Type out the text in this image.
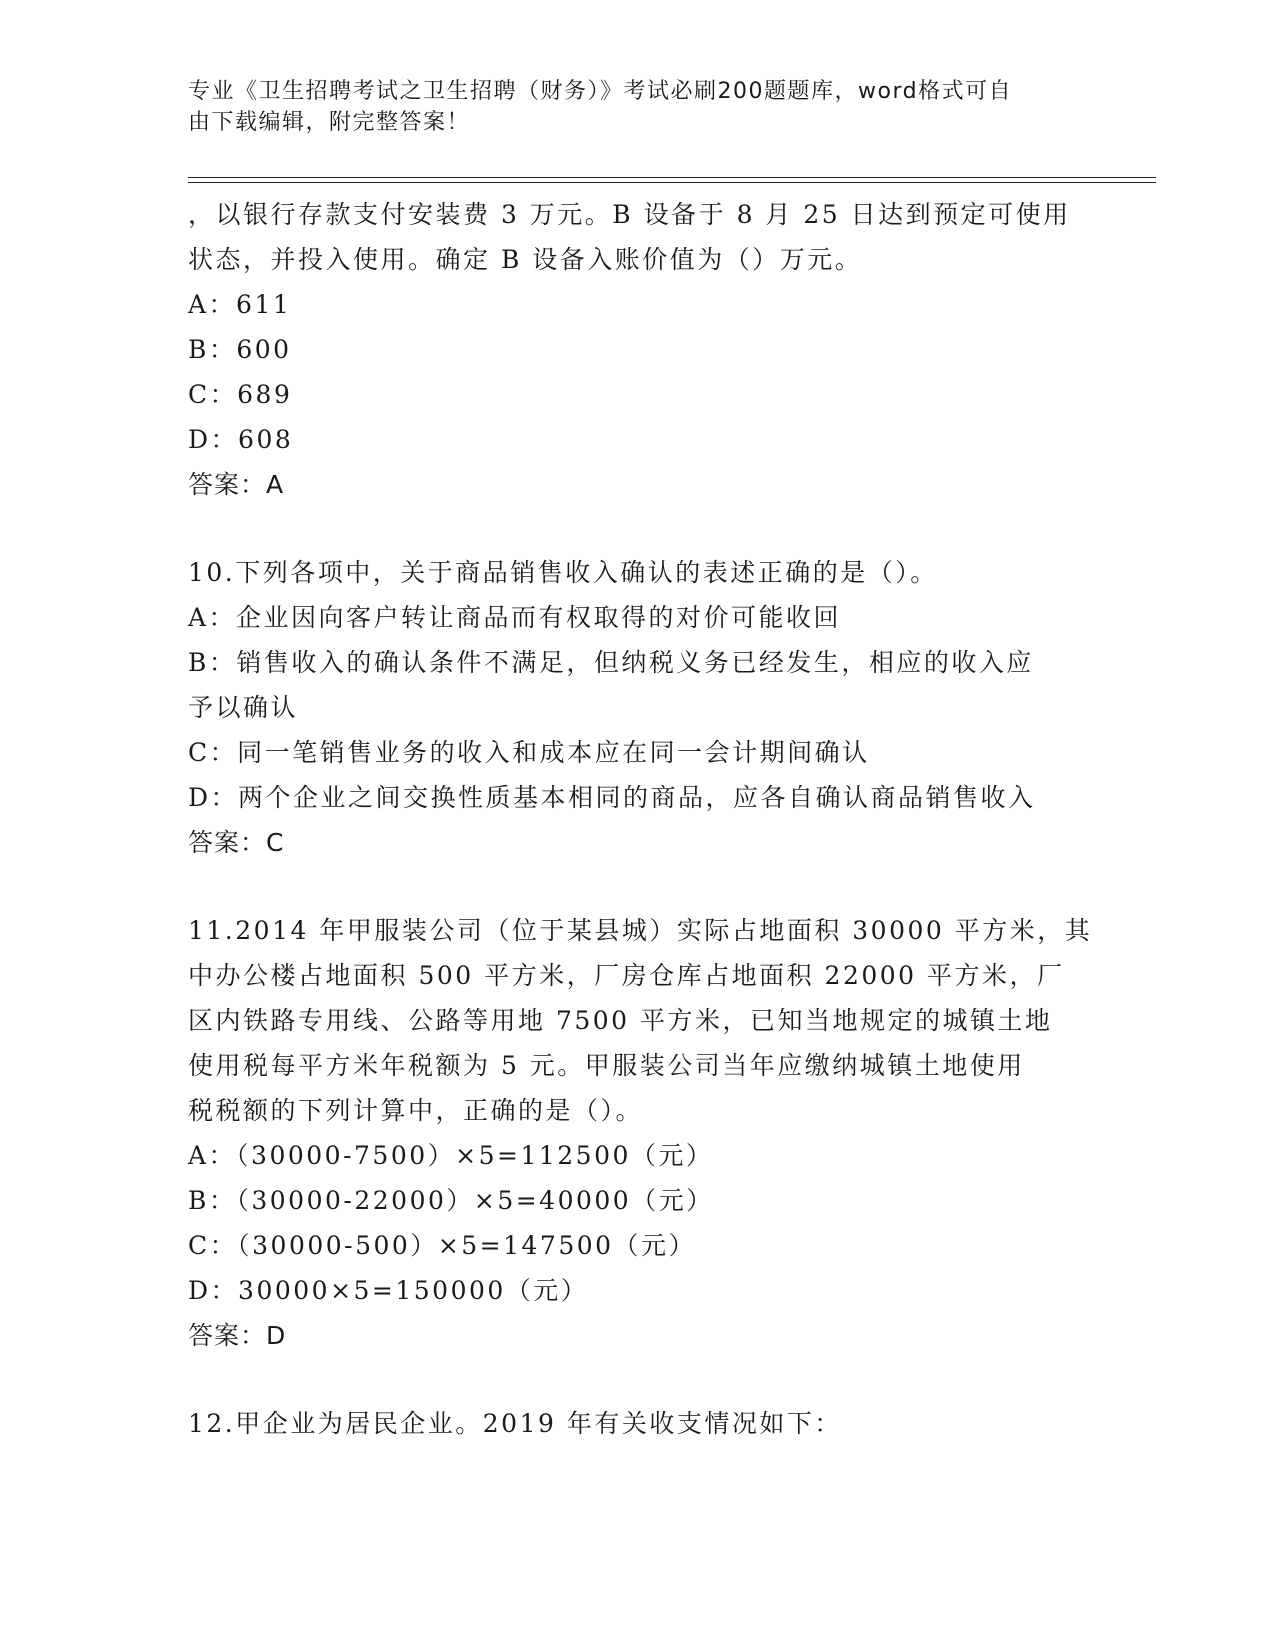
专业《卫生招聘考试之卫生招聘（财务）》考试必刷200题题库，word格式可自
由下载编辑，附完整答案！
，以银行存款支付安装费 3 万元。B 设备于 8 月 25 日达到预定可使用
状态，并投入使用。确定 B 设备入账价值为（）万元。
A：611
B：600
C：689
D：608
答案：A
10.下列各项中，关于商品销售收入确认的表述正确的是（）。
A：企业因向客户转让商品而有权取得的对价可能收回
B：销售收入的确认条件不满足，但纳税义务已经发生，相应的收入应
予以确认
C：同一笔销售业务的收入和成本应在同一会计期间确认
D：两个企业之间交换性质基本相同的商品，应各自确认商品销售收入
答案：C
11.2014 年甲服装公司（位于某县城）实际占地面积 30000 平方米，其
中办公楼占地面积 500 平方米，厂房仓库占地面积 22000 平方米，厂
区内铁路专用线、公路等用地 7500 平方米，已知当地规定的城镇土地
使用税每平方米年税额为 5 元。甲服装公司当年应缴纳城镇土地使用
税税额的下列计算中，正确的是（）。
A：（30000-7500）×5=112500（元）
B：（30000-22000）×5=40000（元）
C：（30000-500）×5=147500（元）
D：30000×5=150000（元）
答案：D
12.甲企业为居民企业。2019 年有关收支情况如下：
